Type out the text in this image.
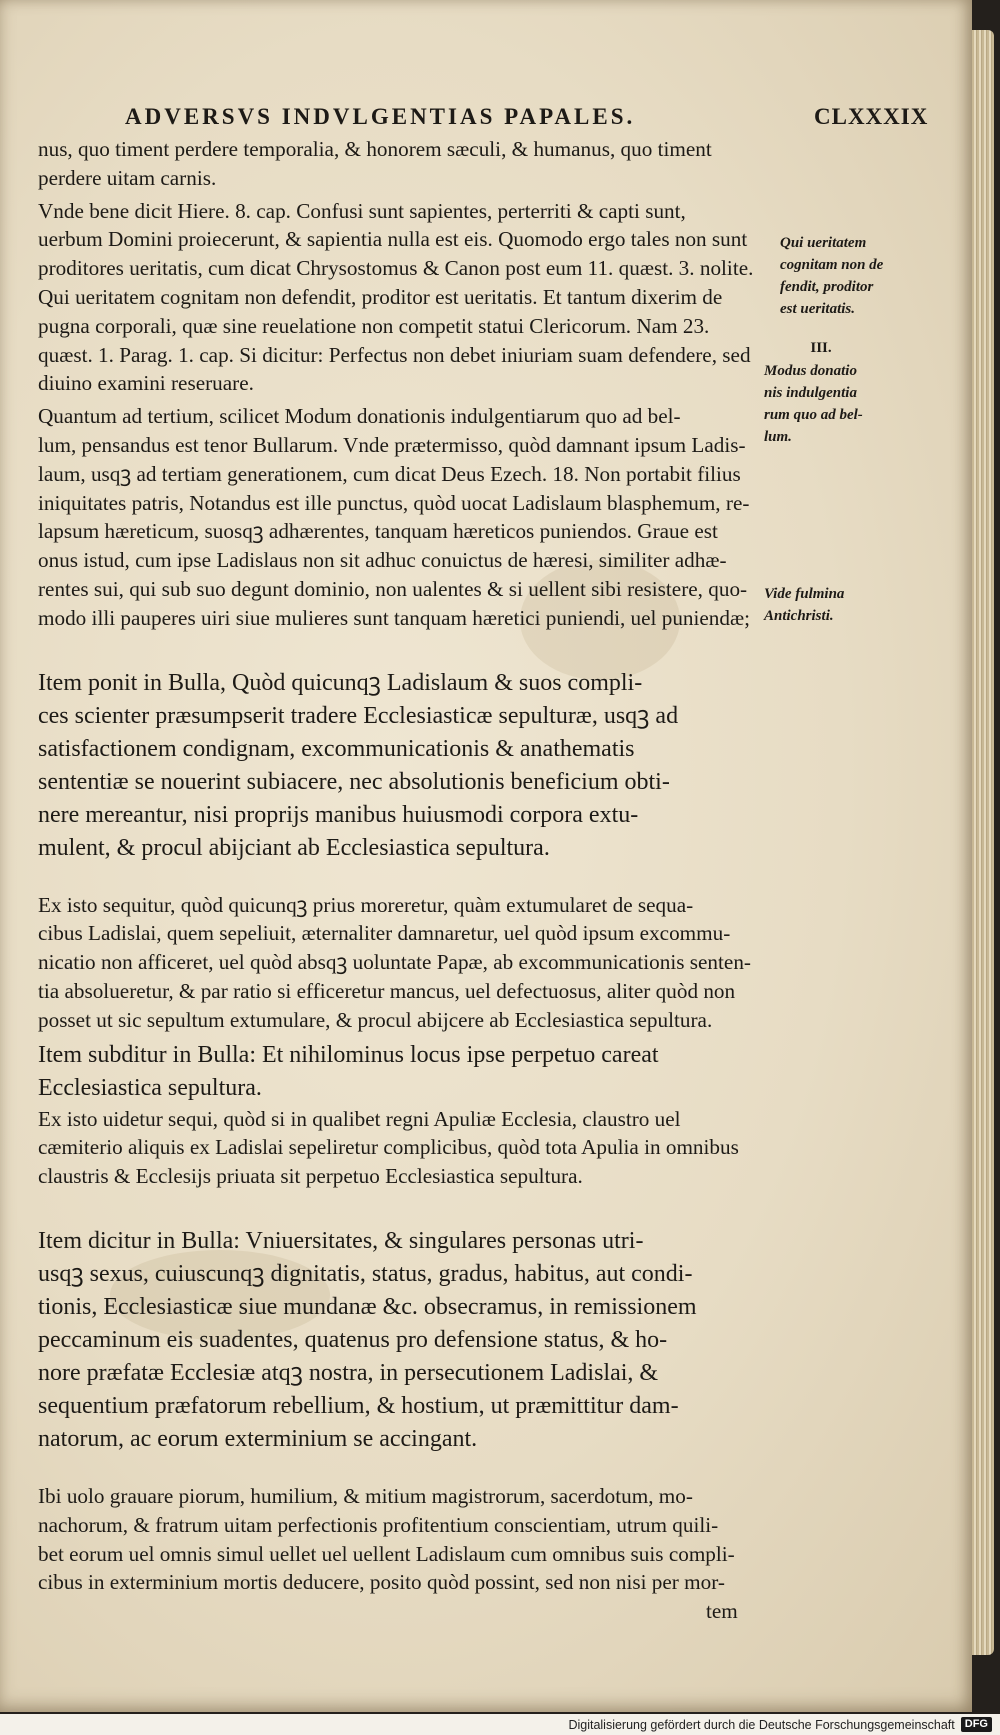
ADVERSVS INDVLGENTIAS PAPALES.	CLXXXIX
nus, quo timent perdere temporalia, & honorem sæculi, & humanus, quo timent
perdere uitam carnis.
Vnde bene dicit Hiere. 8. cap. Confusi sunt sapientes, perterriti & capti sunt,
uerbum Domini proiecerunt, & sapientia nulla est eis. Quomodo ergo tales non sunt
proditores ueritatis, cum dicat Chrysostomus & Canon post eum 11. quæst. 3. nolite.
Qui ueritatem cognitam non defendit, proditor est ueritatis. Et tantum dixerim de
pugna corporali, quæ sine reuelatione non competit statui Clericorum. Nam 23.
quæst. 1. Parag. 1. cap. Si dicitur: Perfectus non debet iniuriam suam defendere, sed
diuino examini reseruare.
Quantum ad tertium, scilicet Modum donationis indulgentiarum quo ad bel-
lum, pensandus est tenor Bullarum. Vnde prætermisso, quòd damnant ipsum Ladis-
laum, usqꝫ ad tertiam generationem, cum dicat Deus Ezech. 18. Non portabit filius
iniquitates patris, Notandus est ille punctus, quòd uocat Ladislaum blasphemum, re-
lapsum hæreticum, suosqꝫ adhærentes, tanquam hæreticos puniendos. Graue est
onus istud, cum ipse Ladislaus non sit adhuc conuictus de hæresi, similiter adhæ-
rentes sui, qui sub suo degunt dominio, non ualentes & si uellent sibi resistere, quo-
modo illi pauperes uiri siue mulieres sunt tanquam hæretici puniendi, uel puniendæ;
Item ponit in Bulla, Quòd quicunqꝫ Ladislaum & suos compli-
ces scienter præsumpserit tradere Ecclesiasticæ sepulturæ, usqꝫ ad
satisfactionem condignam, excommunicationis & anathematis
sententiæ se nouerint subiacere, nec absolutionis beneficium obti-
nere mereantur, nisi proprijs manibus huiusmodi corpora extu-
mulent, & procul abijciant ab Ecclesiastica sepultura.
Ex isto sequitur, quòd quicunqꝫ prius moreretur, quàm extumularet de sequa-
cibus Ladislai, quem sepeliuit, æternaliter damnaretur, uel quòd ipsum excommu-
nicatio non afficeret, uel quòd absqꝫ uoluntate Papæ, ab excommunicationis senten-
tia absolueretur, & par ratio si efficeretur mancus, uel defectuosus, aliter quòd non
posset ut sic sepultum extumulare, & procul abijcere ab Ecclesiastica sepultura.
Item subditur in Bulla: Et nihilominus locus ipse perpetuo careat
Ecclesiastica sepultura.
Ex isto uidetur sequi, quòd si in qualibet regni Apuliæ Ecclesia, claustro uel
cæmiterio aliquis ex Ladislai sepeliretur complicibus, quòd tota Apulia in omnibus
claustris & Ecclesijs priuata sit perpetuo Ecclesiastica sepultura.
Item dicitur in Bulla: Vniuersitates, & singulares personas utri-
usqꝫ sexus, cuiuscunqꝫ dignitatis, status, gradus, habitus, aut condi-
tionis, Ecclesiasticæ siue mundanæ &c. obsecramus, in remissionem
peccaminum eis suadentes, quatenus pro defensione status, & ho-
nore præfatæ Ecclesiæ atqꝫ nostra, in persecutionem Ladislai, &
sequentium præfatorum rebellium, & hostium, ut præmittitur dam-
natorum, ac eorum exterminium se accingant.
Ibi uolo grauare piorum, humilium, & mitium magistrorum, sacerdotum, mo-
nachorum, & fratrum uitam perfectionis profitentium conscientiam, utrum quili-
bet eorum uel omnis simul uellet uel uellent Ladislaum cum omnibus suis compli-
cibus in exterminium mortis deducere, posito quòd possint, sed non nisi per mor-
tem
Qui ueritatem
cognitam non de
fendit, proditor
est ueritatis.
III.
Modus donatio
nis indulgentia
rum quo ad bel-
lum.
Vide fulmina
Antichristi.
Digitalisierung gefördert durch die Deutsche Forschungsgemeinschaft DFG
